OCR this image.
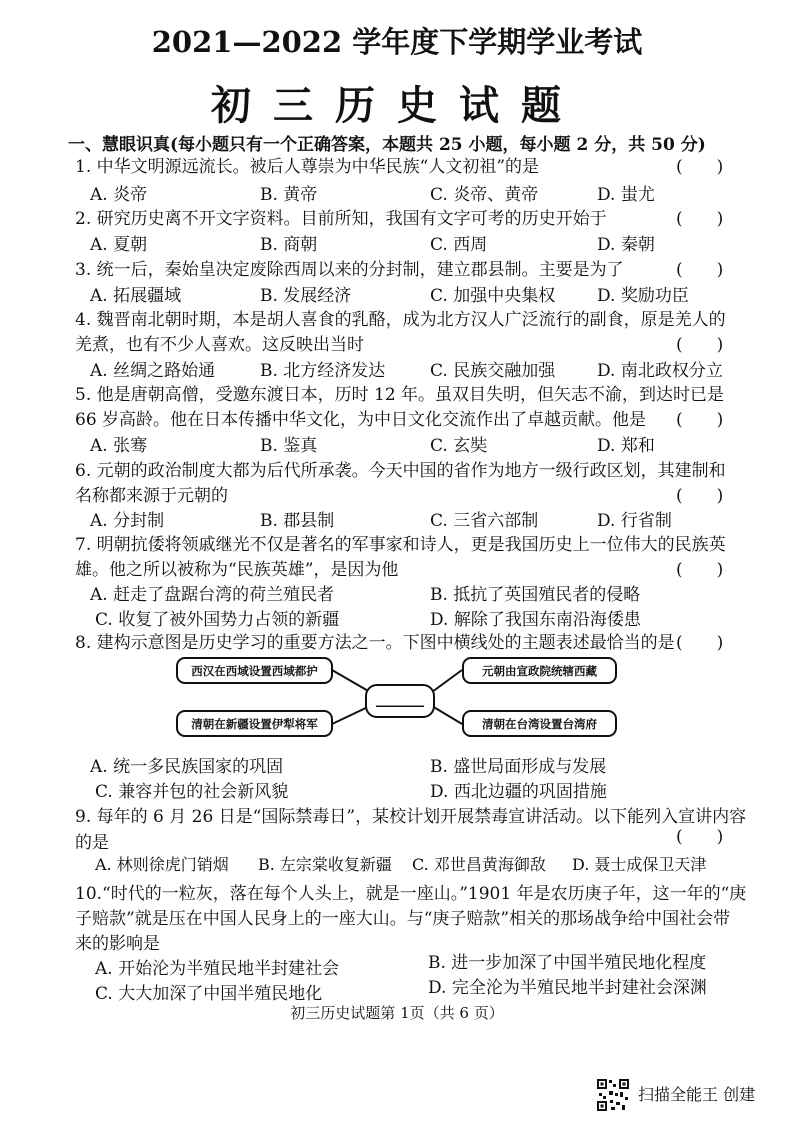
2021—2022 学年度下学期学业考试
初三历史试题
一、慧眼识真(每小题只有一个正确答案，本题共 25 小题，每小题 2 分，共 50 分)
1. 中华文明源远流长。被后人尊崇为中华民族“人文初祖”的是	(　　)
A. 炎帝	B. 黄帝	C. 炎帝、黄帝	D. 蚩尤
2. 研究历史离不开文字资料。目前所知，我国有文字可考的历史开始于	(　　)
A. 夏朝	B. 商朝	C. 西周	D. 秦朝
3. 统一后，秦始皇决定废除西周以来的分封制，建立郡县制。主要是为了	(　　)
A. 拓展疆域	B. 发展经济	C. 加强中央集权 D. 奖励功臣
4. 魏晋南北朝时期，本是胡人喜食的乳酪，成为北方汉人广泛流行的副食，原是羌人的
羌煮，也有不少人喜欢。这反映出当时	(　　)
A. 丝绸之路始通	B. 北方经济发达	C. 民族交融加强 D. 南北政权分立
5. 他是唐朝高僧，受邀东渡日本，历时 12 年。虽双目失明，但矢志不渝，到达时已是
66 岁高龄。他在日本传播中华文化，为中日文化交流作出了卓越贡献。他是 (　　)
A. 张骞	B. 鉴真	C. 玄奘	D. 郑和
6. 元朝的政治制度大都为后代所承袭。今天中国的省作为地方一级行政区划，其建制和
名称都来源于元朝的	(　　)
A. 分封制	B. 郡县制	C. 三省六部制	D. 行省制
7. 明朝抗倭将领戚继光不仅是著名的军事家和诗人，更是我国历史上一位伟大的民族英
雄。他之所以被称为“民族英雄”，是因为他	(　　)
A. 赶走了盘踞台湾的荷兰殖民者	B. 抵抗了英国殖民者的侵略
C. 收复了被外国势力占领的新疆	D. 解除了我国东南沿海倭患
8. 建构示意图是历史学习的重要方法之一。下图中横线处的主题表述最恰当的是 (　　)
西汉在西域设置西域都护	元朝由宣政院统辖西藏
清朝在新疆设置伊犁将军	清朝在台湾设置台湾府
______
A. 统一多民族国家的巩固	B. 盛世局面形成与发展
C. 兼容并包的社会新风貌	D. 西北边疆的巩固措施
9. 每年的 6 月 26 日是“国际禁毒日”，某校计划开展禁毒宣讲活动。以下能列入宣讲内容
的是	(　　)
A. 林则徐虎门销烟 B. 左宗棠收复新疆 C. 邓世昌黄海御敌 D. 聂士成保卫天津
10.“时代的一粒灰，落在每个人头上，就是一座山。”1901 年是农历庚子年，这一年的“庚
子赔款”就是压在中国人民身上的一座大山。与“庚子赔款”相关的那场战争给中国社会带
来的影响是
A. 开始沦为半殖民地半封建社会	B. 进一步加深了中国半殖民地化程度
C. 大大加深了中国半殖民地化	D. 完全沦为半殖民地半封建社会深渊
初三历史试题第 1页（共 6 页）
扫描全能王 创建
